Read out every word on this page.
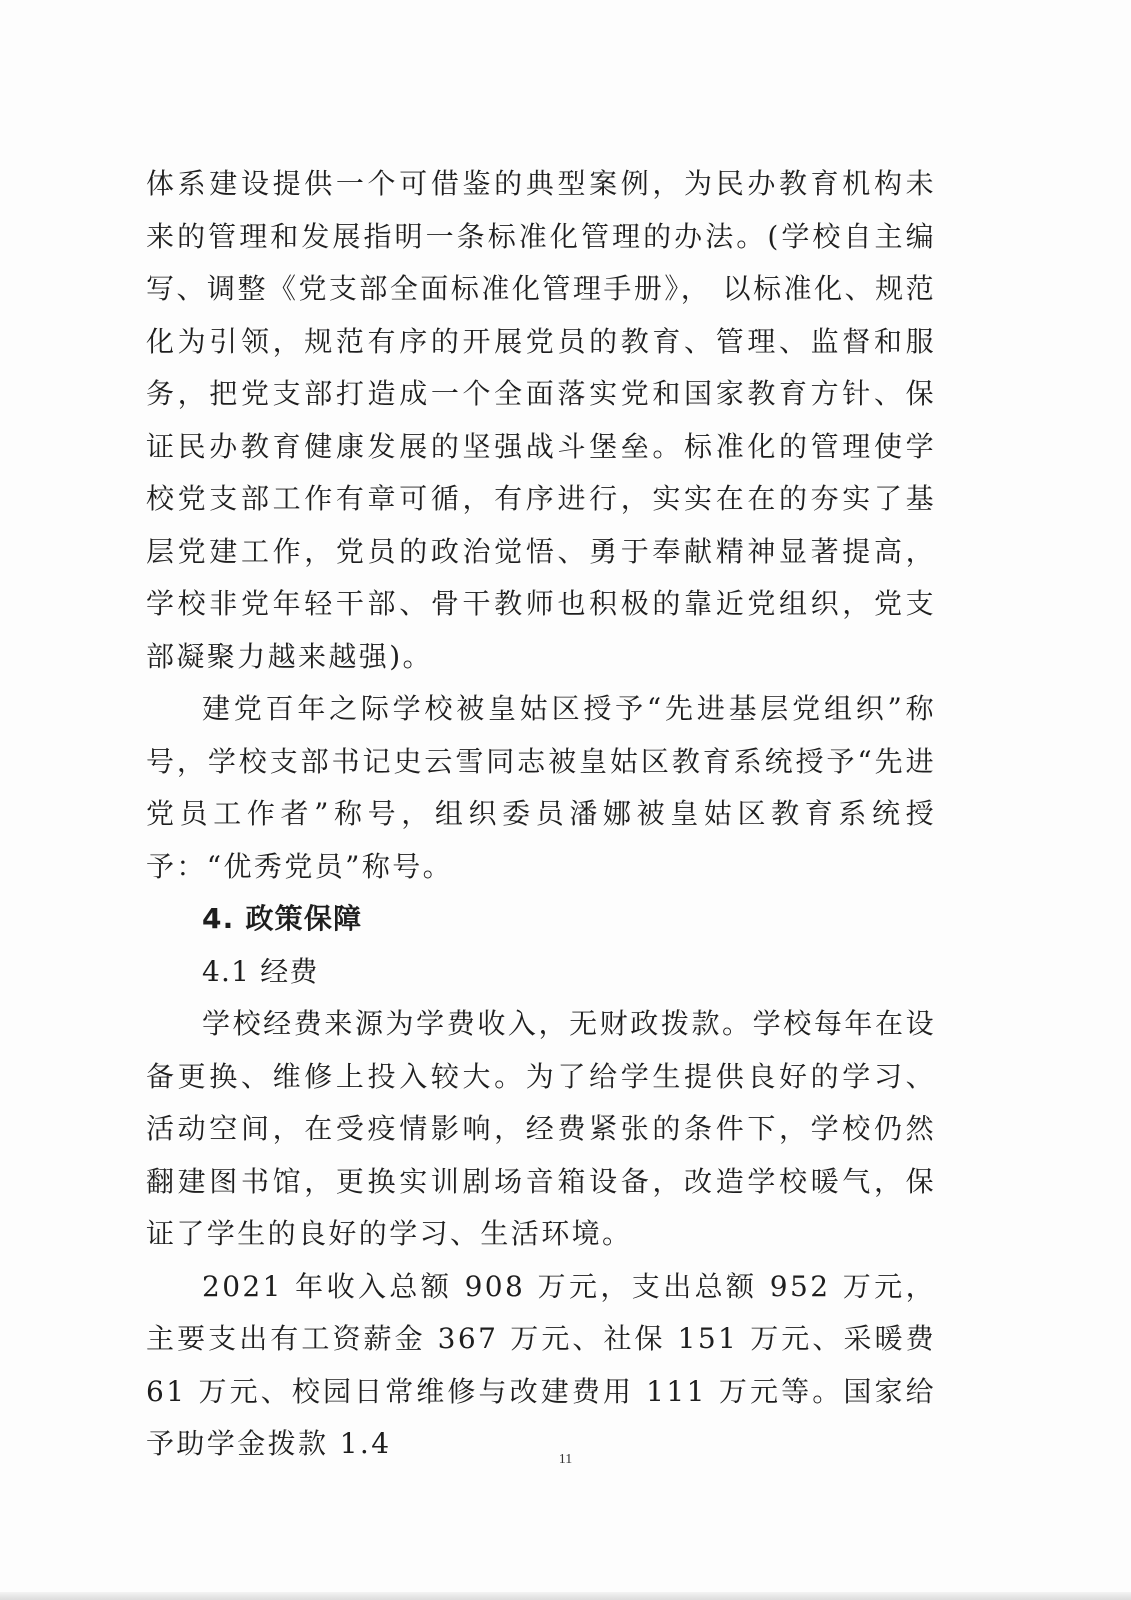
体系建设提供一个可借鉴的典型案例，为民办教育机构未来的管理和发展指明一条标准化管理的办法。(学校自主编写、调整《党支部全面标准化管理手册》， 以标准化、规范化为引领，规范有序的开展党员的教育、管理、监督和服务，把党支部打造成一个全面落实党和国家教育方针、保证民办教育健康发展的坚强战斗堡垒。标准化的管理使学校党支部工作有章可循，有序进行，实实在在的夯实了基层党建工作，党员的政治觉悟、勇于奉献精神显著提高，学校非党年轻干部、骨干教师也积极的靠近党组织，党支部凝聚力越来越强)。

建党百年之际学校被皇姑区授予“先进基层党组织”称号，学校支部书记史云雪同志被皇姑区教育系统授予“先进党员工作者”称号，组织委员潘娜被皇姑区教育系统授予：“优秀党员”称号。

4. 政策保障

4.1 经费

学校经费来源为学费收入，无财政拨款。学校每年在设备更换、维修上投入较大。为了给学生提供良好的学习、活动空间，在受疫情影响，经费紧张的条件下，学校仍然翻建图书馆，更换实训剧场音箱设备，改造学校暖气，保证了学生的良好的学习、生活环境。

2021 年收入总额 908 万元，支出总额 952 万元，主要支出有工资薪金 367 万元、社保 151 万元、采暖费 61 万元、校园日常维修与改建费用 111 万元等。国家给予助学金拨款 1.4	11
